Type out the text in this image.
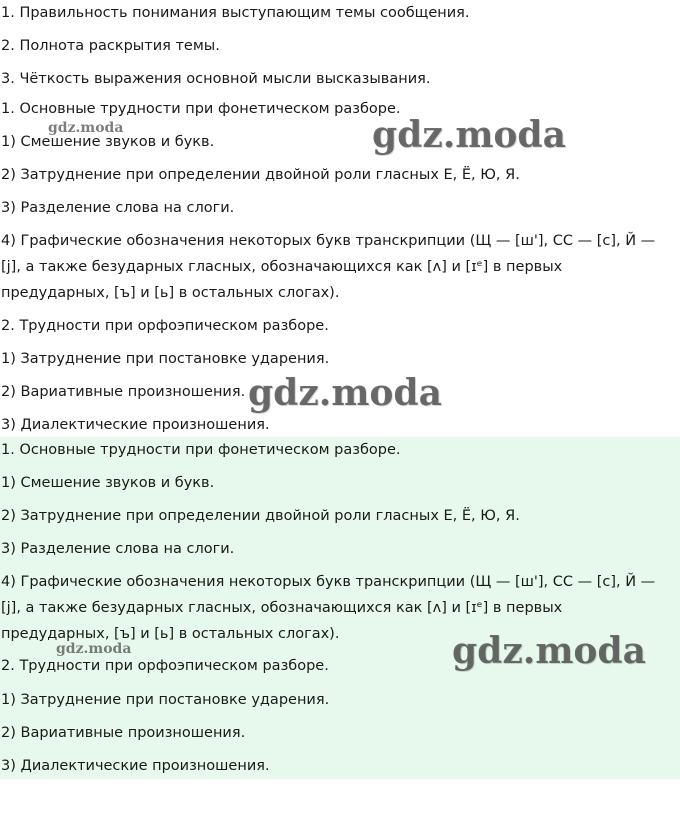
1. Правильность понимания выступающим темы сообщения.
2. Полнота раскрытия темы.
3. Чёткость выражения основной мысли высказывания.
1. Основные трудности при фонетическом разборе.
1) Смешение звуков и букв.
2) Затруднение при определении двойной роли гласных Е, Ё, Ю, Я.
3) Разделение слова на слоги.
4) Графические обозначения некоторых букв транскрипции (Щ — [ш'], СС — [с], Й — [j], а также безударных гласных, обозначающихся как [ʌ] и [ɪᵉ] в первых предударных, [ъ] и [ь] в остальных слогах).
2. Трудности при орфоэпическом разборе.
1) Затруднение при постановке ударения.
2) Вариативные произношения.
3) Диалектические произношения.
1. Основные трудности при фонетическом разборе.
1) Смешение звуков и букв.
2) Затруднение при определении двойной роли гласных Е, Ё, Ю, Я.
3) Разделение слова на слоги.
4) Графические обозначения некоторых букв транскрипции (Щ — [ш'], СС — [с], Й — [j], а также безударных гласных, обозначающихся как [ʌ] и [ɪᵉ] в первых предударных, [ъ] и [ь] в остальных слогах).
2. Трудности при орфоэпическом разборе.
1) Затруднение при постановке ударения.
2) Вариативные произношения.
3) Диалектические произношения.
gdz.moda	gdz.moda
gdz.moda
gdz.moda	gdz.moda
